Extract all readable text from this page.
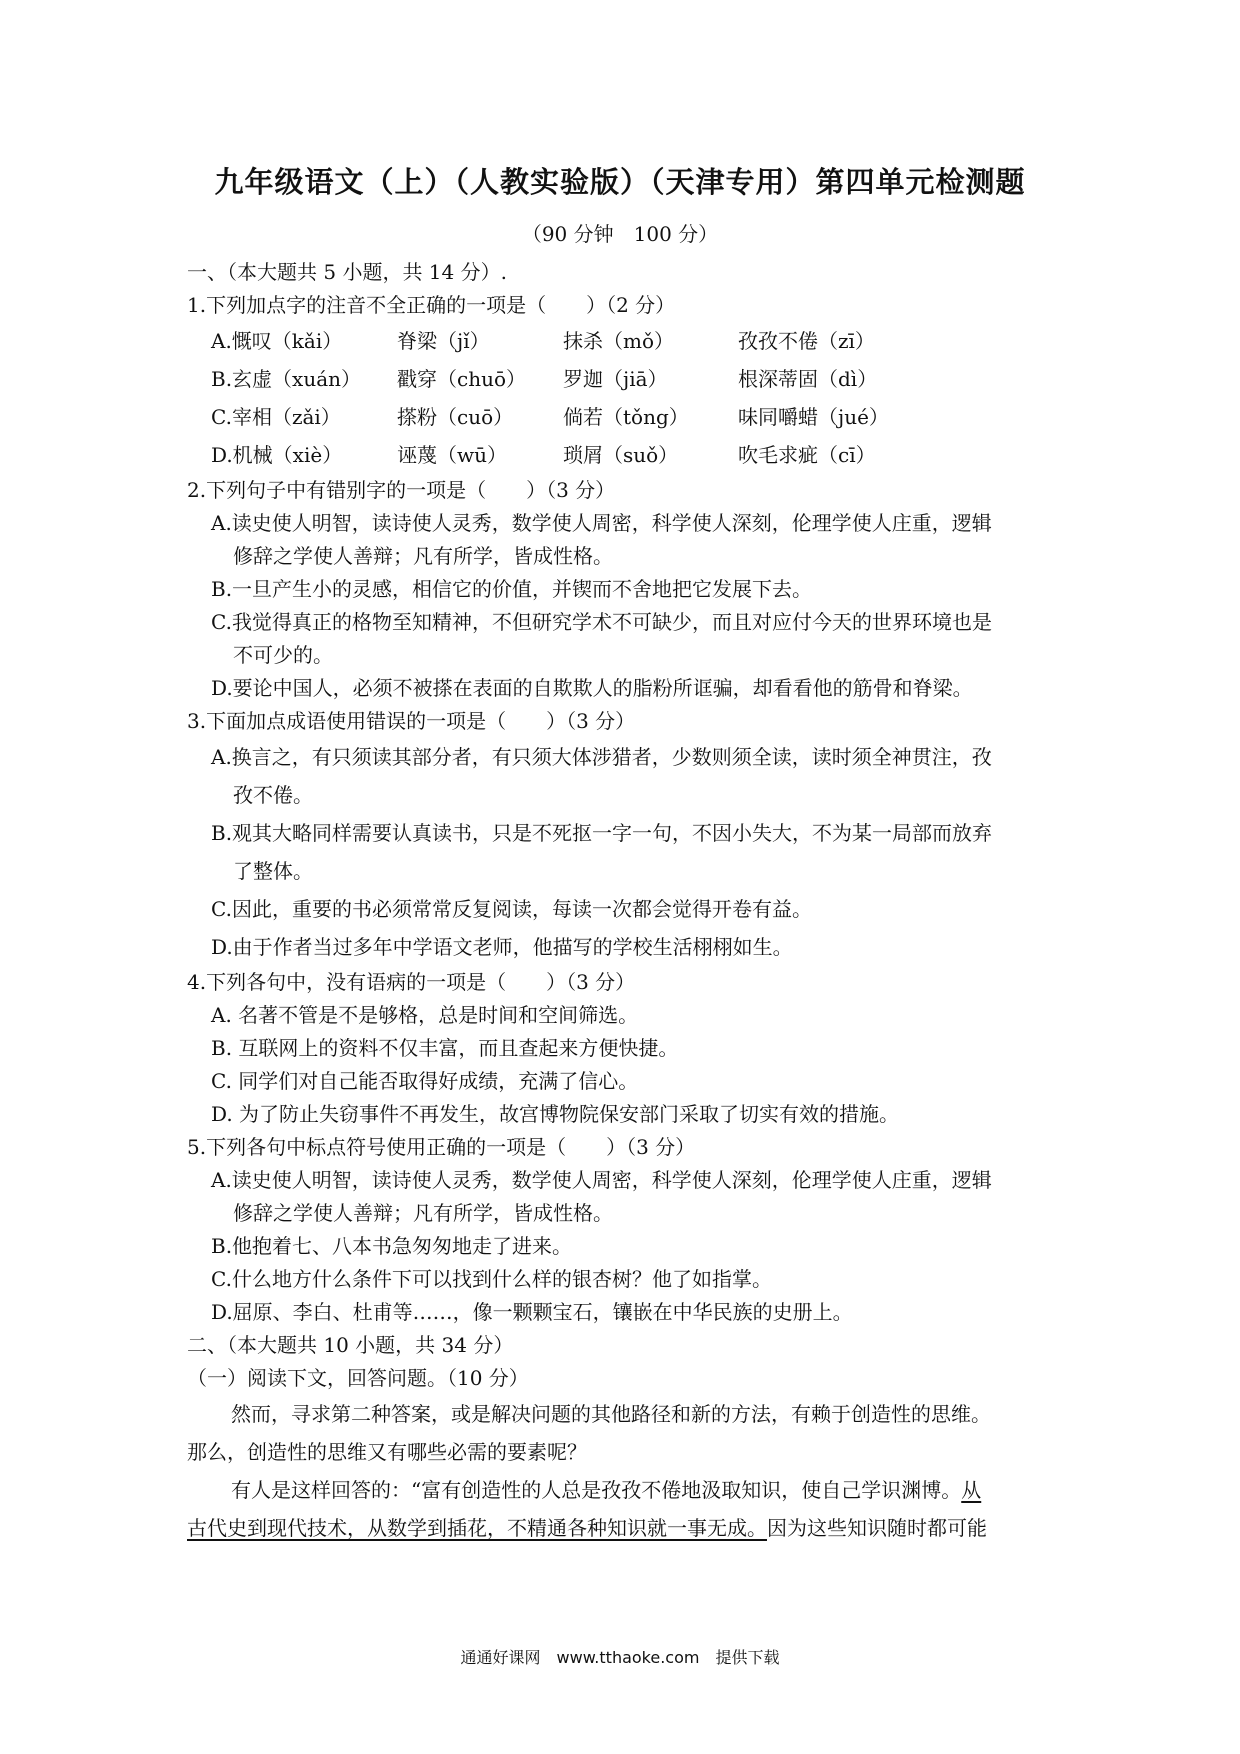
九年级语文（上）（人教实验版）（天津专用）第四单元检测题
（90 分钟　100 分）
一、（本大题共 5 小题，共 14 分）.
1.下列加点字的注音不全正确的一项是（　　）（2 分）
A.慨叹（kǎi）	脊梁（jǐ）	抹杀（mǒ）	孜孜不倦（zī）
B.玄虚（xuán）	戳穿（chuō）	罗迦（jiā）	根深蒂固（dì）
C.宰相（zǎi）	搽粉（cuō）	倘若（tǒng）	味同嚼蜡（jué）
D.机械（xiè）	诬蔑（wū）	琐屑（suǒ）	吹毛求疵（cī）
2.下列句子中有错别字的一项是（　　）（3 分）
A.读史使人明智，读诗使人灵秀，数学使人周密，科学使人深刻，伦理学使人庄重，逻辑
修辞之学使人善辩；凡有所学，皆成性格。
B.一旦产生小的灵感，相信它的价值，并锲而不舍地把它发展下去。
C.我觉得真正的格物至知精神，不但研究学术不可缺少，而且对应付今天的世界环境也是
不可少的。
D.要论中国人，必须不被搽在表面的自欺欺人的脂粉所诓骗，却看看他的筋骨和脊梁。
3.下面加点成语使用错误的一项是（　　）（3 分）
A.换言之，有只须读其部分者，有只须大体涉猎者，少数则须全读，读时须全神贯注，孜
孜不倦。
B.观其大略同样需要认真读书，只是不死抠一字一句，不因小失大，不为某一局部而放弃
了整体。
C.因此，重要的书必须常常反复阅读，每读一次都会觉得开卷有益。
D.由于作者当过多年中学语文老师，他描写的学校生活栩栩如生。
4.下列各句中，没有语病的一项是（　　）（3 分）
A. 名著不管是不是够格，总是时间和空间筛选。
B. 互联网上的资料不仅丰富，而且查起来方便快捷。
C. 同学们对自己能否取得好成绩，充满了信心。
D. 为了防止失窃事件不再发生，故宫博物院保安部门采取了切实有效的措施。
5.下列各句中标点符号使用正确的一项是（　　）（3 分）
A.读史使人明智，读诗使人灵秀，数学使人周密，科学使人深刻，伦理学使人庄重，逻辑
修辞之学使人善辩；凡有所学，皆成性格。
B.他抱着七、八本书急匆匆地走了进来。
C.什么地方什么条件下可以找到什么样的银杏树？他了如指掌。
D.屈原、李白、杜甫等……，像一颗颗宝石，镶嵌在中华民族的史册上。
二、（本大题共 10 小题，共 34 分）
（一）阅读下文，回答问题。（10 分）
然而，寻求第二种答案，或是解决问题的其他路径和新的方法，有赖于创造性的思维。
那么，创造性的思维又有哪些必需的要素呢？
有人是这样回答的：“富有创造性的人总是孜孜不倦地汲取知识，使自己学识渊博。从
古代史到现代技术，从数学到插花，不精通各种知识就一事无成。因为这些知识随时都可能
通通好课网　www.tthaoke.com　提供下载
